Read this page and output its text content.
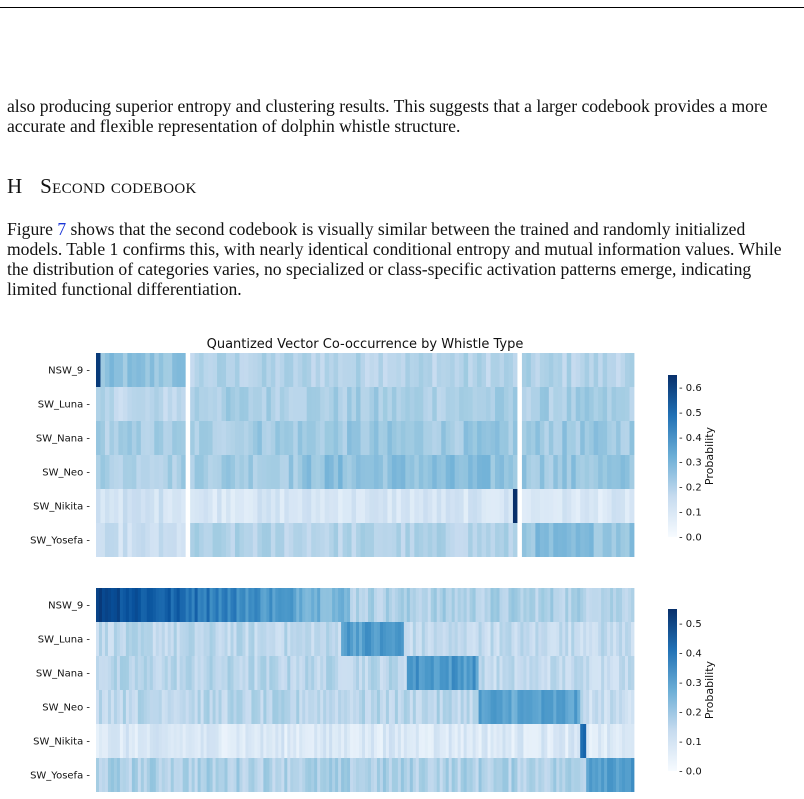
also producing superior entropy and clustering results. This suggests that a larger codebook provides a more accurate and flexible representation of dolphin whistle structure.

H Second codebook

Figure 7 shows that the second codebook is visually similar between the trained and randomly initialized models. Table 1 confirms this, with nearly identical conditional entropy and mutual information values. While the distribution of categories varies, no specialized or class-specific activation patterns emerge, indicating limited functional differentiation.

Quantized Vector Co-occurrence by Whistle Type
NSW_9 -
SW_Luna -
SW_Nana -
SW_Neo -
SW_Nikita -
SW_Yosefa -	- 0.0
- 0.1
- 0.2
- 0.3
- 0.4
- 0.5
- 0.6
Probability
NSW_9 -
SW_Luna -
SW_Nana -
SW_Neo -
SW_Nikita -
SW_Yosefa -	- 0.0
- 0.1
- 0.2
- 0.3
- 0.4
- 0.5
Probability
